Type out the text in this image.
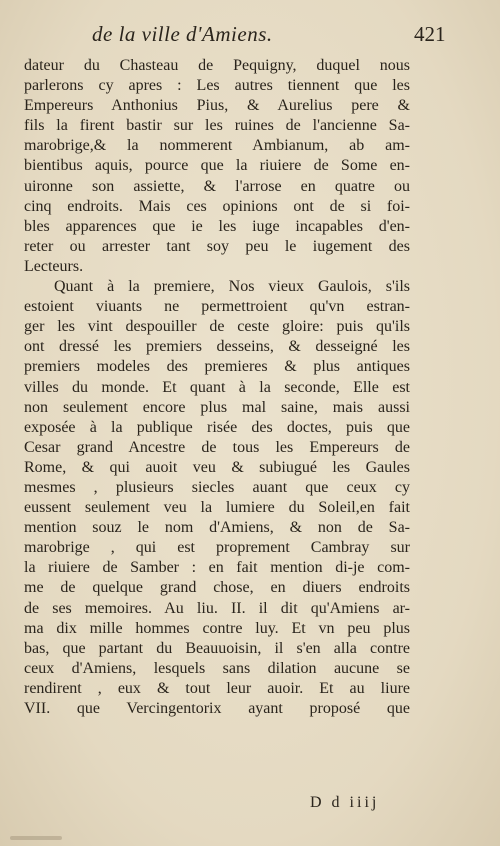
de la ville d'Amiens.	421
dateur du Chasteau de Pequigny, duquel nous
parlerons cy apres : Les autres tiennent que les
Empereurs Anthonius Pius, & Aurelius pere &
fils la firent bastir sur les ruines de l'ancienne Sa-
marobrige,& la nommerent Ambianum, ab am-
bientibus aquis, pource que la riuiere de Some en-
uironne son assiette, & l'arrose en quatre ou
cinq endroits. Mais ces opinions ont de si foi-
bles apparences que ie les iuge incapables d'en-
reter ou arrester tant soy peu le iugement des
Lecteurs.
Quant à la premiere, Nos vieux Gaulois, s'ils
estoient viuants ne permettroient qu'vn estran-
ger les vint despouiller de ceste gloire: puis qu'ils
ont dressé les premiers desseins, & desseigné les
premiers modeles des premieres & plus antiques
villes du monde. Et quant à la seconde, Elle est
non seulement encore plus mal saine, mais aussi
exposée à la publique risée des doctes, puis que
Cesar grand Ancestre de tous les Empereurs de
Rome, & qui auoit veu & subiugué les Gaules
mesmes , plusieurs siecles auant que ceux cy
eussent seulement veu la lumiere du Soleil,en fait
mention souz le nom d'Amiens, & non de Sa-
marobrige , qui est proprement Cambray sur
la riuiere de Samber : en fait mention di-je com-
me de quelque grand chose, en diuers endroits
de ses memoires. Au liu. II. il dit qu'Amiens ar-
ma dix mille hommes contre luy. Et vn peu plus
bas, que partant du Beauuoisin, il s'en alla contre
ceux d'Amiens, lesquels sans dilation aucune se
rendirent , eux & tout leur auoir. Et au liure
VII. que Vercingentorix ayant proposé que
D d iiij
